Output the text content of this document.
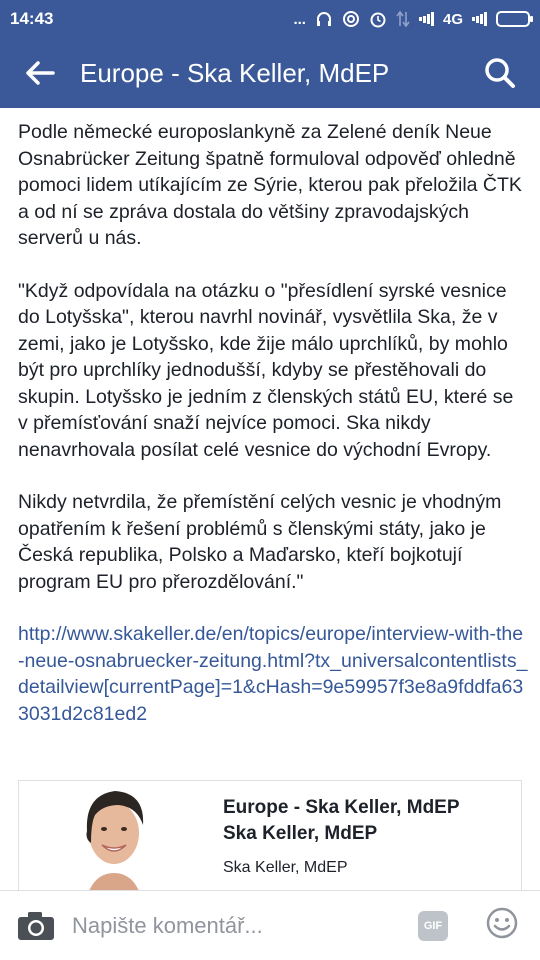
14:43	...	4G
Europe - Ska Keller, MdEP

Podle německé europoslankyně za Zelené deník Neue Osnabrücker Zeitung špatně formuloval odpověď ohledně pomoci lidem utíkajícím ze Sýrie, kterou pak přeložila ČTK a od ní se zpráva dostala do většiny zpravodajských serverů u nás.

"Když odpovídala na otázku o "přesídlení syrské vesnice do Lotyšska", kterou navrhl novinář, vysvětlila Ska, že v zemi, jako je Lotyšsko, kde žije málo uprchlíků, by mohlo být pro uprchlíky jednodušší, kdyby se přestěhovali do skupin. Lotyšsko je jedním z členských států EU, které se v přemísťování snaží nejvíce pomoci. Ska nikdy nenavrhovala posílat celé vesnice do východní Evropy.

Nikdy netvrdila, že přemístění celých vesnic je vhodným opatřením k řešení problémů s členskými státy, jako je Česká republika, Polsko a Maďarsko, kteří bojkotují program EU pro přerozdělování."

http://www.skakeller.de/en/topics/europe/interview-with-the-neue-osnabruecker-zeitung.html?tx_universalcontentlists_detailview[currentPage]=1&cHash=9e59957f3e8a9fddfa633031d2c81ed2

Europe - Ska Keller, MdEP
Ska Keller, MdEP
Ska Keller, MdEP
Napište komentář...	GIF
